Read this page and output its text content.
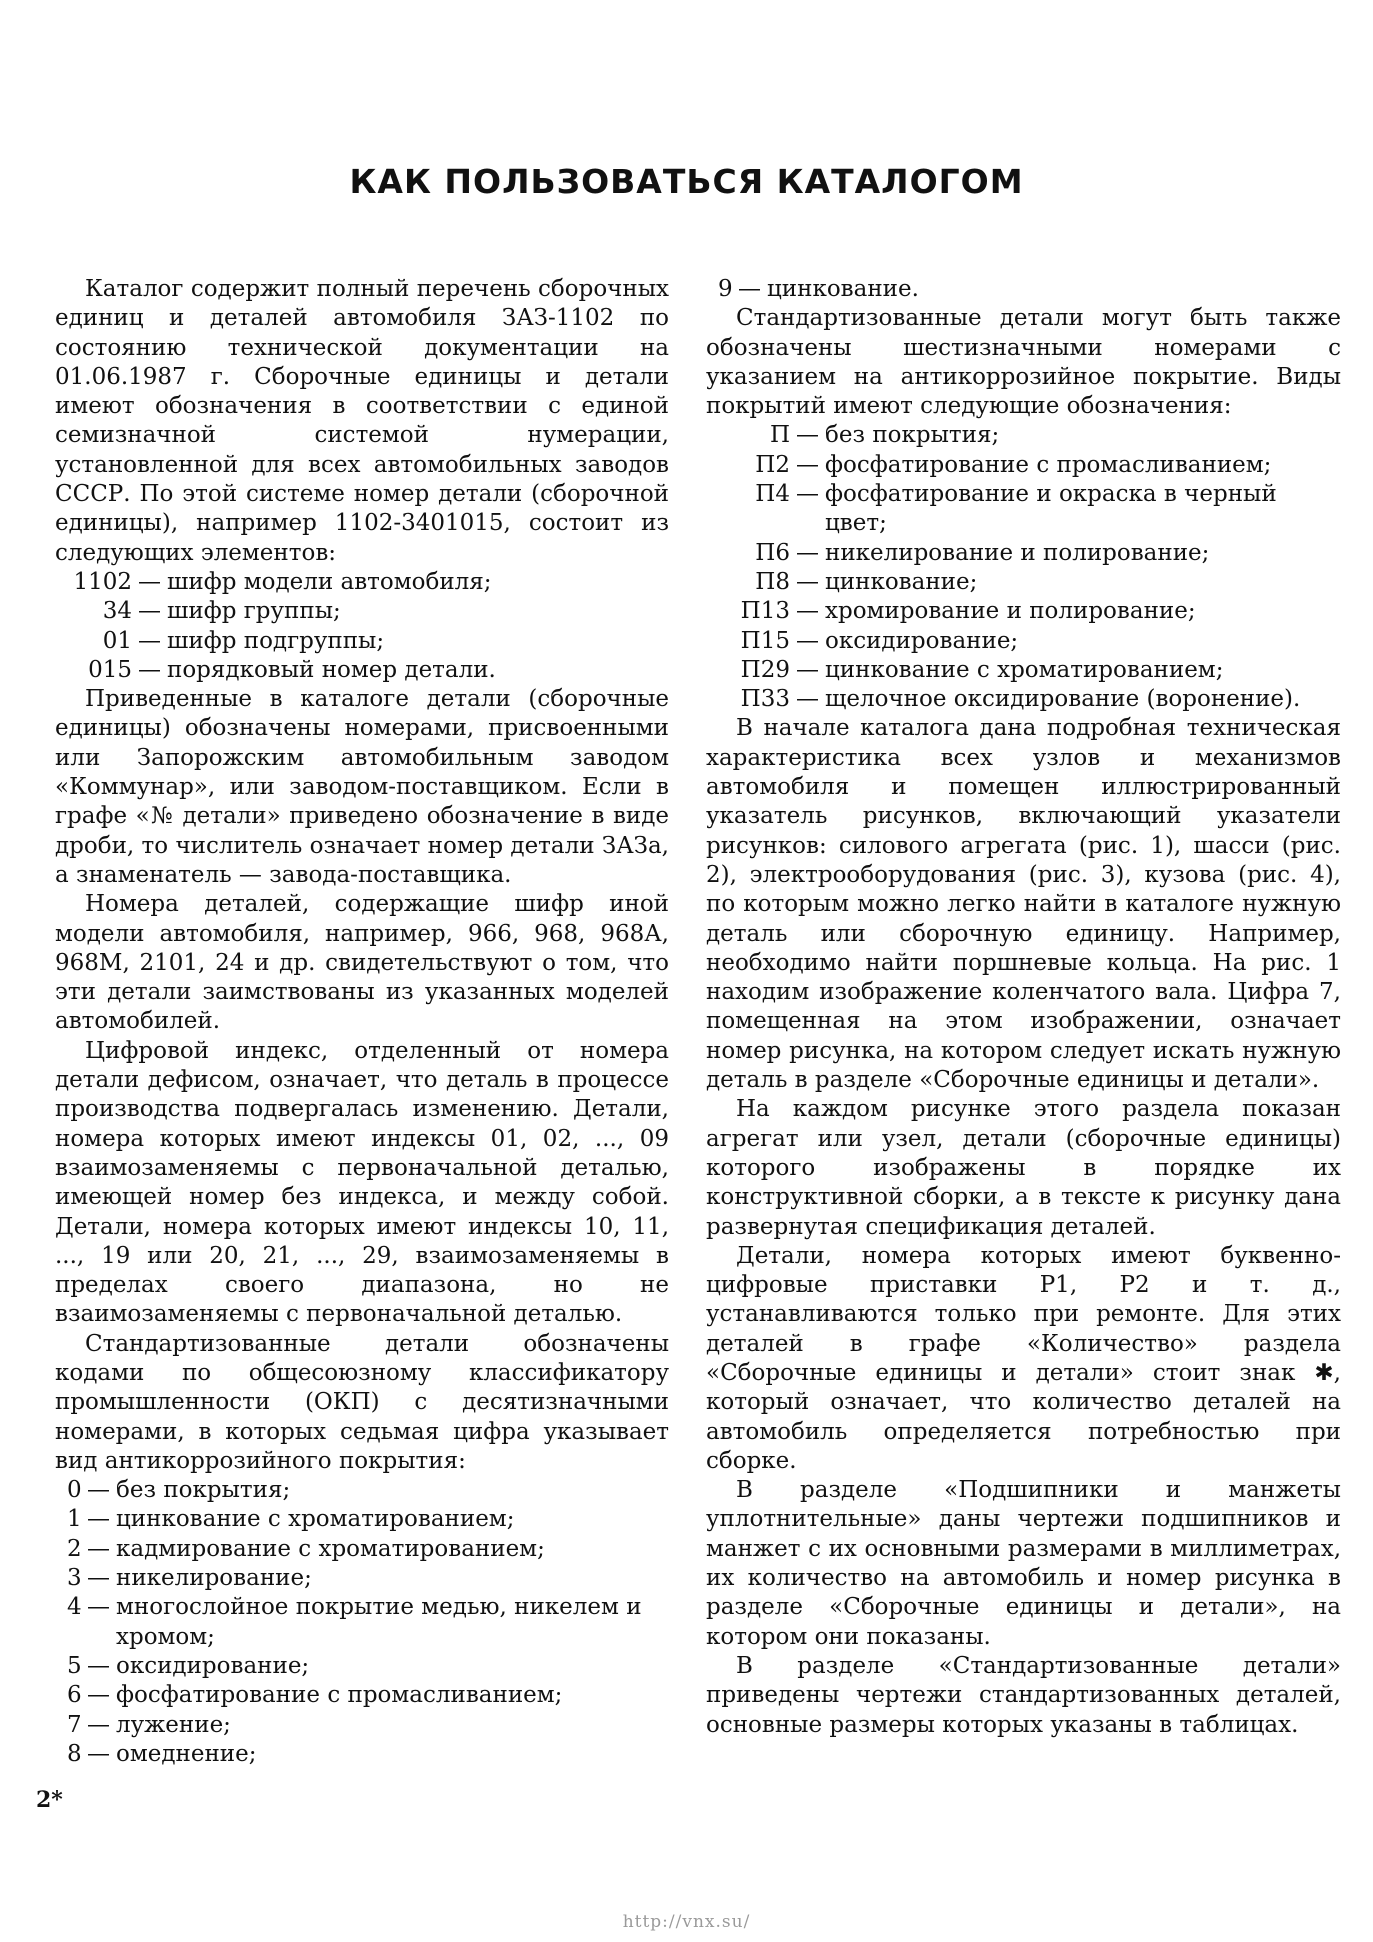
КАК ПОЛЬЗОВАТЬСЯ КАТАЛОГОМ

Каталог содержит полный перечень сборочных единиц и деталей автомобиля ЗАЗ-1102 по состоянию технической документации на 01.06.1987 г. Сборочные единицы и детали имеют обозначения в соответствии с единой семизначной системой нумерации, установленной для всех автомобильных заводов СССР. По этой системе номер детали (сборочной единицы), например 1102-3401015, состоит из следующих элементов:

1102 — шифр модели автомобиля;
34 — шифр группы;
01 — шифр подгруппы;
015 — порядковый номер детали.

Приведенные в каталоге детали (сборочные единицы) обозначены номерами, присвоенными или Запорожским автомобильным заводом «Коммунар», или заводом-поставщиком. Если в графе «№ детали» приведено обозначение в виде дроби, то числитель означает номер детали ЗАЗа, а знаменатель — завода-поставщика.

Номера деталей, содержащие шифр иной модели автомобиля, например, 966, 968, 968А, 968М, 2101, 24 и др. свидетельствуют о том, что эти детали заимствованы из указанных моделей автомобилей.

Цифровой индекс, отделенный от номера детали дефисом, означает, что деталь в процессе производства подвергалась изменению. Детали, номера которых имеют индексы 01, 02, ..., 09 взаимозаменяемы с первоначальной деталью, имеющей номер без индекса, и между собой. Детали, номера которых имеют индексы 10, 11, ..., 19 или 20, 21, ..., 29, взаимозаменяемы в пределах своего диапазона, но не взаимозаменяемы с первоначальной деталью.

Стандартизованные детали обозначены кодами по общесоюзному классификатору промышленности (ОКП) с десятизначными номерами, в которых седьмая цифра указывает вид антикоррозийного покрытия:

0 — без покрытия;
1 — цинкование с хроматированием;
2 — кадмирование с хроматированием;
3 — никелирование;
4 — многослойное покрытие медью, никелем и хромом;
5 — оксидирование;
6 — фосфатирование с промасливанием;
7 — лужение;
8 — омеднение;
9 — цинкование.

Стандартизованные детали могут быть также обозначены шестизначными номерами с указанием на антикоррозийное покрытие. Виды покрытий имеют следующие обозначения:

П — без покрытия;
П2 — фосфатирование с промасливанием;
П4 — фосфатирование и окраска в черный цвет;
П6 — никелирование и полирование;
П8 — цинкование;
П13 — хромирование и полирование;
П15 — оксидирование;
П29 — цинкование с хроматированием;
П33 — щелочное оксидирование (воронение).

В начале каталога дана подробная техническая характеристика всех узлов и механизмов автомобиля и помещен иллюстрированный указатель рисунков, включающий указатели рисунков: силового агрегата (рис. 1), шасси (рис. 2), электрооборудования (рис. 3), кузова (рис. 4), по которым можно легко найти в каталоге нужную деталь или сборочную единицу. Например, необходимо найти поршневые кольца. На рис. 1 находим изображение коленчатого вала. Цифра 7, помещенная на этом изображении, означает номер рисунка, на котором следует искать нужную деталь в разделе «Сборочные единицы и детали».

На каждом рисунке этого раздела показан агрегат или узел, детали (сборочные единицы) которого изображены в порядке их конструктивной сборки, а в тексте к рисунку дана развернутая спецификация деталей.

Детали, номера которых имеют буквенно-цифровые приставки Р1, Р2 и т. д., устанавливаются только при ремонте. Для этих деталей в графе «Количество» раздела «Сборочные единицы и детали» стоит знак ✱, который означает, что количество деталей на автомобиль определяется потребностью при сборке.

В разделе «Подшипники и манжеты уплотнительные» даны чертежи подшипников и манжет с их основными размерами в миллиметрах, их количество на автомобиль и номер рисунка в разделе «Сборочные единицы и детали», на котором они показаны.

В разделе «Стандартизованные детали» приведены чертежи стандартизованных деталей, основные размеры которых указаны в таблицах.

2*
http://vnx.su/
